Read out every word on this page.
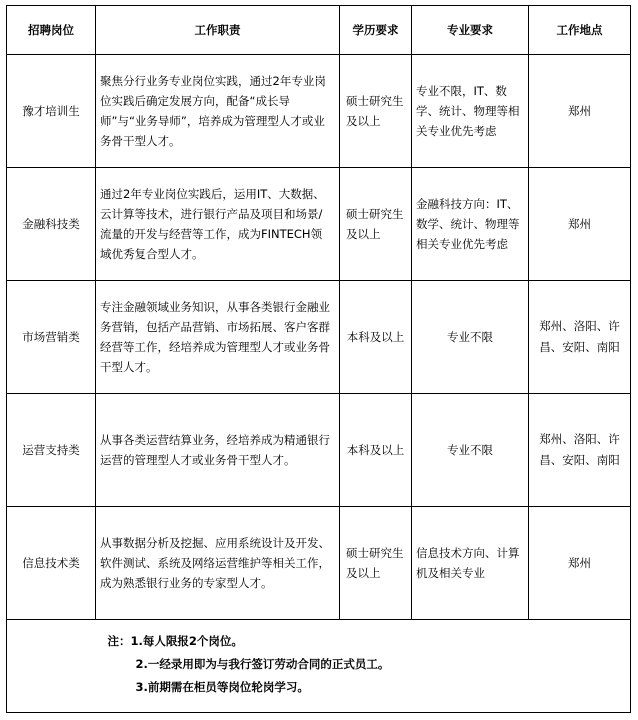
招聘岗位	工作职责	学历要求	专业要求	工作地点
豫才培训生	聚焦分行业务专业岗位实践，通过2年专业岗位实践后确定发展方向，配备“成长导师”与“业务导师”，培养成为管理型人才或业务骨干型人才。	硕士研究生及以上	专业不限，IT、数学、统计、物理等相关专业优先考虑	郑州
金融科技类	通过2年专业岗位实践后，运用IT、大数据、云计算等技术，进行银行产品及项目和场景/流量的开发与经营等工作，成为FINTECH领域优秀复合型人才。	硕士研究生及以上	金融科技方向：IT、数学、统计、物理等相关专业优先考虑	郑州
市场营销类	专注金融领域业务知识，从事各类银行金融业务营销，包括产品营销、市场拓展、客户客群经营等工作，经培养成为管理型人才或业务骨干型人才。	本科及以上	专业不限	郑州、洛阳、许昌、安阳、南阳
运营支持类	从事各类运营结算业务，经培养成为精通银行运营的管理型人才或业务骨干型人才。	本科及以上	专业不限	郑州、洛阳、许昌、安阳、南阳
信息技术类	从事数据分析及挖掘、应用系统设计及开发、软件测试、系统及网络运营维护等相关工作，成为熟悉银行业务的专家型人才。	硕士研究生及以上	信息技术方向、计算机及相关专业	郑州

	注：1.每人限报2个岗位。
2.一经录用即为与我行签订劳动合同的正式员工。
3.前期需在柜员等岗位轮岗学习。			
